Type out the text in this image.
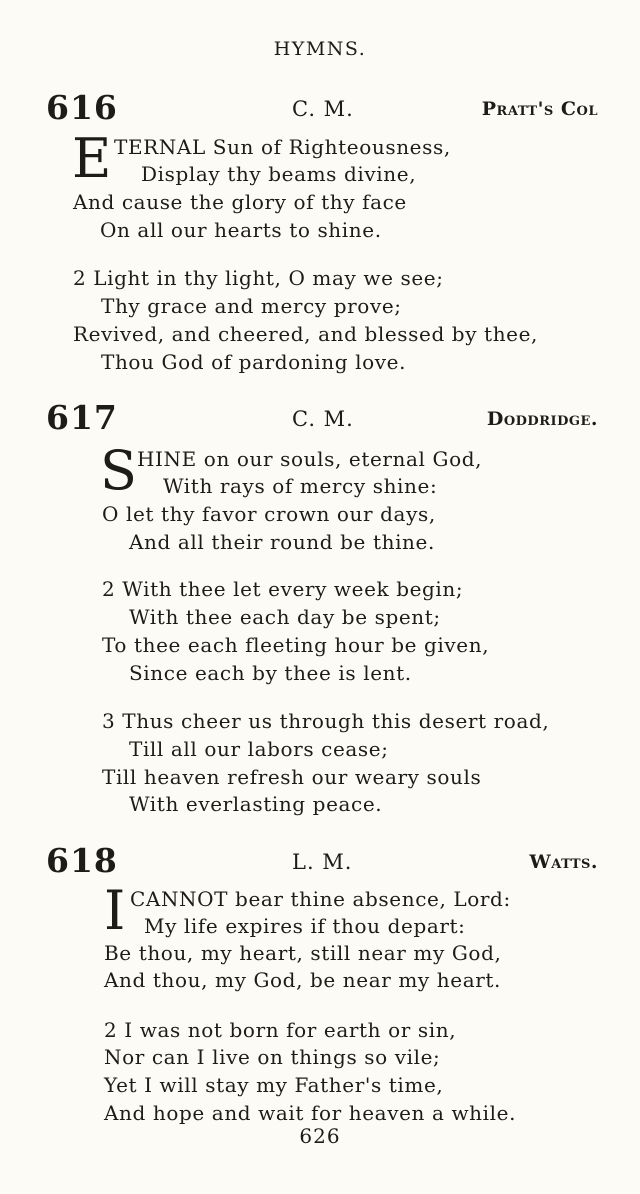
HYMNS.
616	C. M.	Pratt's Col
E TERNAL Sun of Righteousness,
Display thy beams divine,
And cause the glory of thy face
On all our hearts to shine.
2 Light in thy light, O may we see;
Thy grace and mercy prove;
Revived, and cheered, and blessed by thee,
Thou God of pardoning love.
617	C. M.	Doddridge.
S HINE on our souls, eternal God,
With rays of mercy shine:
O let thy favor crown our days,
And all their round be thine.
2 With thee let every week begin;
With thee each day be spent;
To thee each fleeting hour be given,
Since each by thee is lent.
3 Thus cheer us through this desert road,
Till all our labors cease;
Till heaven refresh our weary souls
With everlasting peace.
618	L. M.	Watts.
I CANNOT bear thine absence, Lord:
My life expires if thou depart:
Be thou, my heart, still near my God,
And thou, my God, be near my heart.
2 I was not born for earth or sin,
Nor can I live on things so vile;
Yet I will stay my Father's time,
And hope and wait for heaven a while.
626
